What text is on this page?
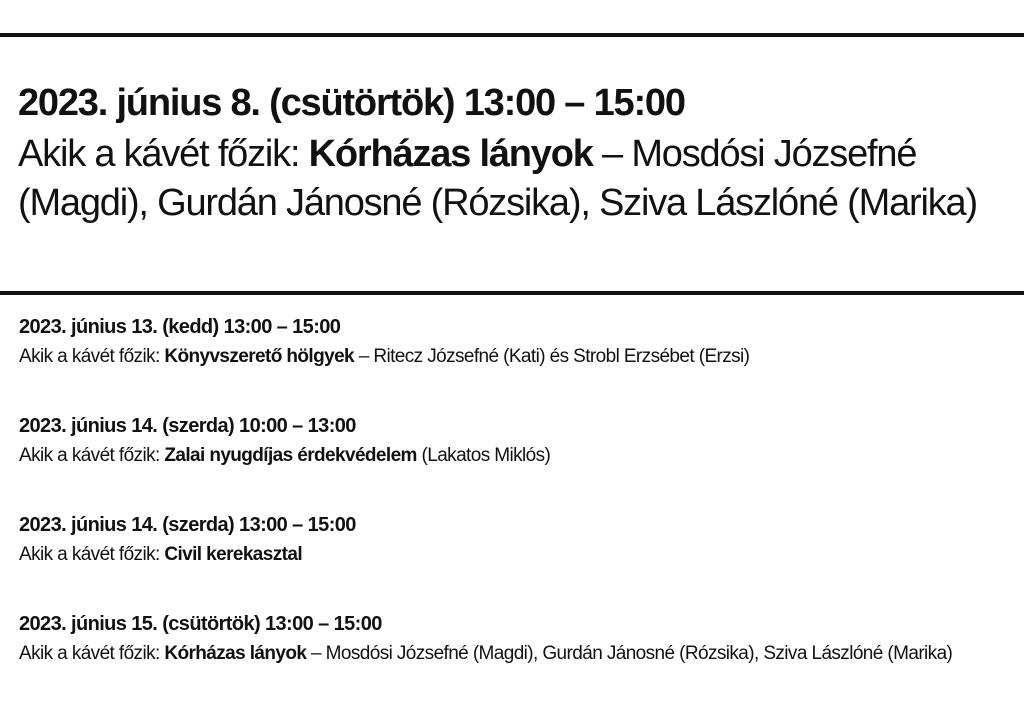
2023. június 8. (csütörtök) 13:00 – 15:00
Akik a kávét főzik: Kórházas lányok – Mosdósi Józsefné (Magdi), Gurdán Jánosné (Rózsika), Sziva Lászlóné (Marika)
2023. június 13. (kedd) 13:00 – 15:00
Akik a kávét főzik: Könyvszerető hölgyek – Ritecz Józsefné (Kati) és Strobl Erzsébet (Erzsi)
2023. június 14. (szerda) 10:00 – 13:00
Akik a kávét főzik: Zalai nyugdíjas érdekvédelem (Lakatos Miklós)
2023. június 14. (szerda) 13:00 – 15:00
Akik a kávét főzik: Civil kerekasztal
2023. június 15. (csütörtök) 13:00 – 15:00
Akik a kávét főzik: Kórházas lányok – Mosdósi Józsefné (Magdi), Gurdán Jánosné (Rózsika), Sziva Lászlóné (Marika)
